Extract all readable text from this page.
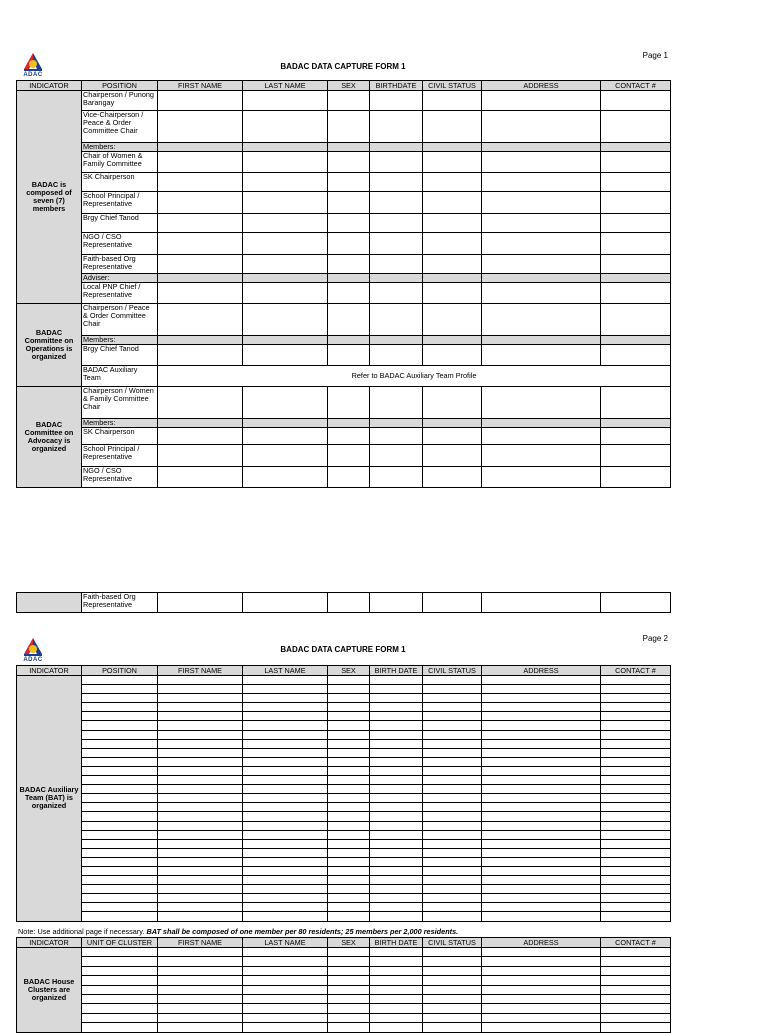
ADAC
BADAC DATA CAPTURE FORM 1
Page 1
INDICATOR	POSITION	FIRST NAME	LAST NAME	SEX	BIRTHDATE	CIVIL STATUS	ADDRESS	CONTACT #
BADAC is composed of seven (7) members	Chairperson / Punong Barangay							
	Vice-Chairperson / Peace & Order Committee Chair							
	Members:							
	Chair of Women & Family Committee							
	SK Chairperson							
	School Principal / Representative							
	Brgy Chief Tanod							
	NGO / CSO Representative							
	Faith-based Org Representative							
	Adviser:							
	Local PNP Chief / Representative							
BADAC Committee on Operations is organized	Chairperson / Peace & Order Committee Chair							
	Members:							
	Brgy Chief Tanod							
	BADAC Auxiliary Team	Refer to BADAC Auxiliary Team Profile						
BADAC Committee on Advocacy is organized	Chairperson / Women & Family Committee Chair							
	Members:							
	SK Chairperson							
	School Principal / Representative							
	NGO / CSO Representative							
	Faith-based Org Representative							
ADAC
BADAC DATA CAPTURE FORM 1
Page 2
INDICATOR	POSITION	FIRST NAME	LAST NAME	SEX	BIRTH DATE	CIVIL STATUS	ADDRESS	CONTACT #
BADAC Auxiliary Team (BAT) is organized								

Note: Use additional page if necessary. BAT shall be composed of one member per 80 residents; 25 members per 2,000 residents.
INDICATOR	UNIT OF CLUSTER	FIRST NAME	LAST NAME	SEX	BIRTH DATE	CIVIL STATUS	ADDRESS	CONTACT #
BADAC House Clusters are organized								
